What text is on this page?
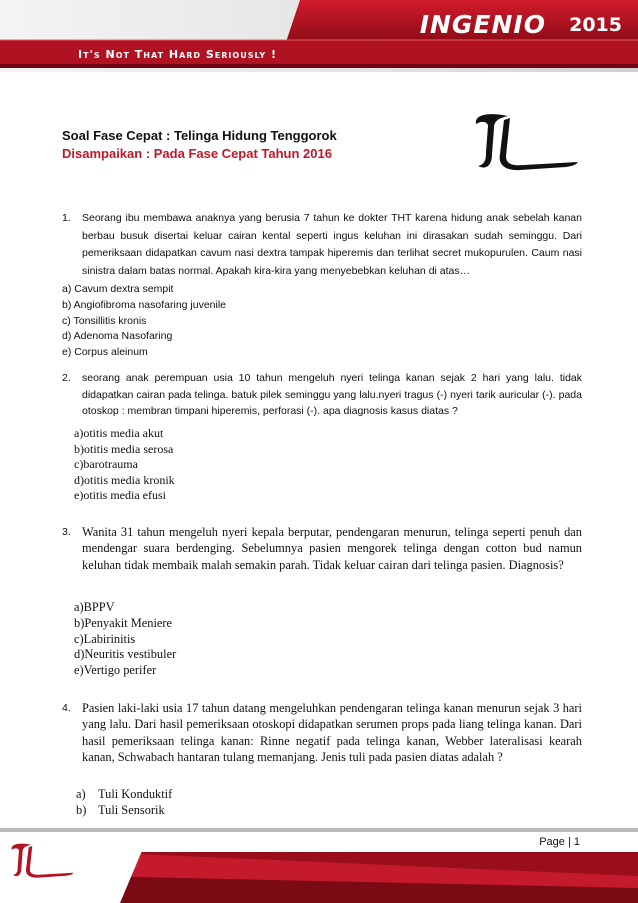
INGENIO 2015
It's Not That Hard Seriously !
Soal Fase Cepat : Telinga Hidung Tenggorok
Disampaikan : Pada Fase Cepat Tahun 2016
1. Seorang ibu membawa anaknya yang berusia 7 tahun ke dokter THT karena hidung anak sebelah kanan berbau busuk disertai keluar cairan kental seperti ingus keluhan ini dirasakan sudah seminggu. Dari pemeriksaan didapatkan cavum nasi dextra tampak hiperemis dan terlihat secret mukopurulen. Caum nasi sinistra dalam batas normal. Apakah kira-kira yang menyebebkan keluhan di atas…
a) Cavum dextra sempit
b) Angiofibroma nasofaring juvenile
c) Tonsillitis kronis
d) Adenoma Nasofaring
e) Corpus aleinum
2. seorang anak perempuan usia 10 tahun mengeluh nyeri telinga kanan sejak 2 hari yang lalu. tidak didapatkan cairan pada telinga. batuk pilek seminggu yang lalu.nyeri tragus (-) nyeri tarik auricular (-). pada otoskop : membran timpani hiperemis, perforasi (-). apa diagnosis kasus diatas ?
a)otitis media akut
b)otitis media serosa
c)barotrauma
d)otitis media kronik
e)otitis media efusi
3. Wanita 31 tahun mengeluh nyeri kepala berputar, pendengaran menurun, telinga seperti penuh dan mendengar suara berdenging. Sebelumnya pasien mengorek telinga dengan cotton bud namun keluhan tidak membaik malah semakin parah. Tidak keluar cairan dari telinga pasien. Diagnosis?
a)BPPV
b)Penyakit Meniere
c)Labirinitis
d)Neuritis vestibuler
e)Vertigo perifer
4. Pasien laki-laki usia 17 tahun datang mengeluhkan pendengaran telinga kanan menurun sejak 3 hari yang lalu. Dari hasil pemeriksaan otoskopi didapatkan serumen props pada liang telinga kanan. Dari hasil pemeriksaan telinga kanan: Rinne negatif pada telinga kanan, Webber lateralisasi kearah kanan, Schwabach hantaran tulang memanjang. Jenis tuli pada pasien diatas adalah ?
a) Tuli Konduktif
b) Tuli Sensorik
Page | 1
